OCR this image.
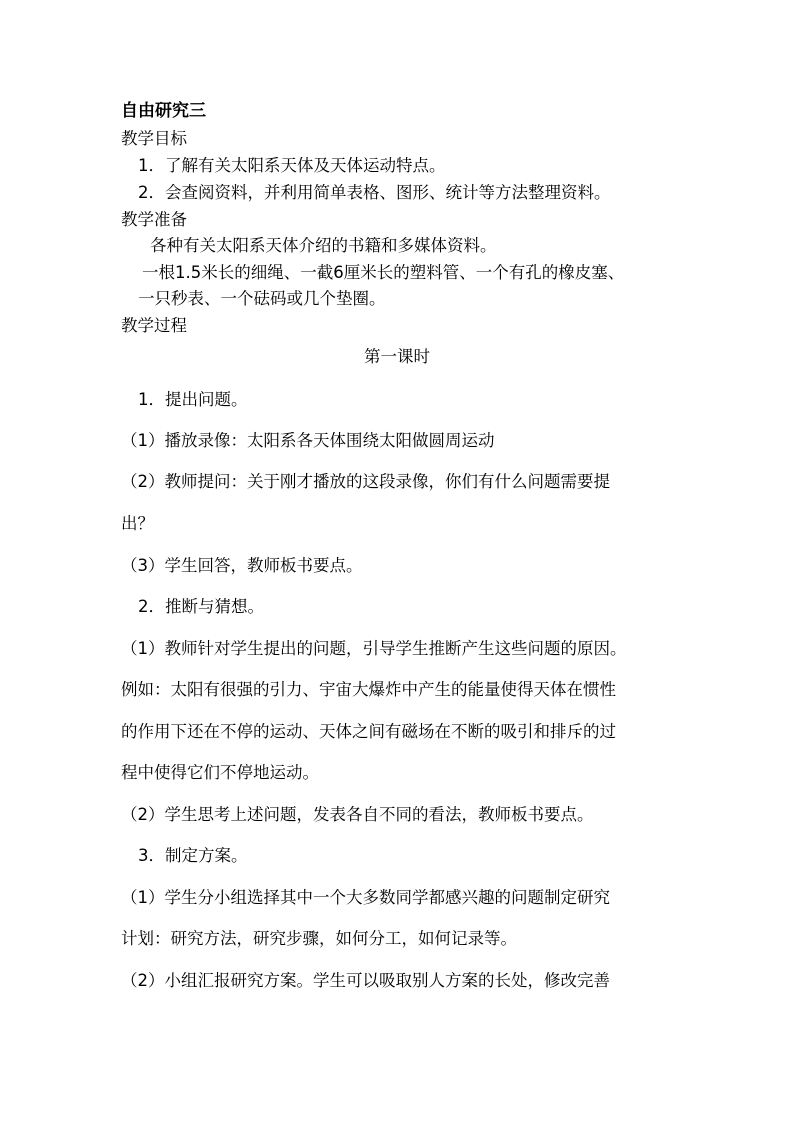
自由研究三
教学目标
1．了解有关太阳系天体及天体运动特点。
2．会查阅资料，并利用简单表格、图形、统计等方法整理资料。
教学准备
各种有关太阳系天体介绍的书籍和多媒体资料。
一根1.5米长的细绳、一截6厘米长的塑料管、一个有孔的橡皮塞、
一只秒表、一个砝码或几个垫圈。
教学过程
第一课时
1．提出问题。
（1）播放录像：太阳系各天体围绕太阳做圆周运动
（2）教师提问：关于刚才播放的这段录像，你们有什么问题需要提
出？
（3）学生回答，教师板书要点。
2．推断与猜想。
（1）教师针对学生提出的问题，引导学生推断产生这些问题的原因。
例如：太阳有很强的引力、宇宙大爆炸中产生的能量使得天体在惯性
的作用下还在不停的运动、天体之间有磁场在不断的吸引和排斥的过
程中使得它们不停地运动。
（2）学生思考上述问题，发表各自不同的看法，教师板书要点。
3．制定方案。
（1）学生分小组选择其中一个大多数同学都感兴趣的问题制定研究
计划：研究方法，研究步骤，如何分工，如何记录等。
（2）小组汇报研究方案。学生可以吸取别人方案的长处，修改完善
